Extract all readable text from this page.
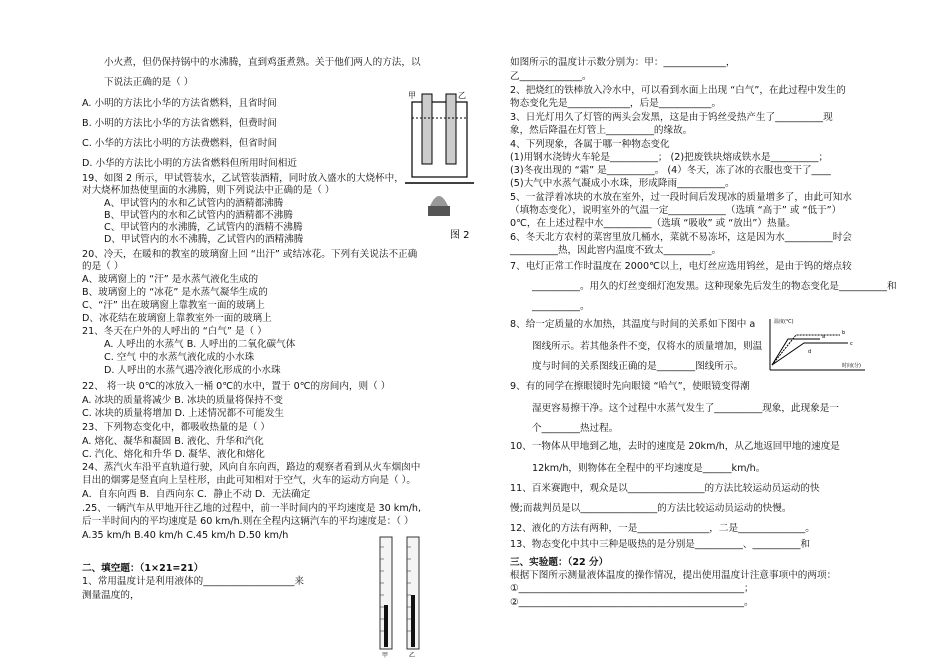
小火煮，但仍保持锅中的水沸腾，直到鸡蛋煮熟。关于他们两人的方法，以
下说法正确的是（ ）
A. 小明的方法比小华的方法省燃料，且省时间
B. 小明的方法比小华的方法省燃料，但费时间
C. 小华的方法比小明的方法费燃料，但省时间
D. 小华的方法比小明的方法省燃料但所用时间相近
19、如图 2 所示，甲试管装水，乙试管装酒精，同时放入盛水的大烧杯中，
对大烧杯加热使里面的水沸腾，则下列说法中正确的是（ ）
A、甲试管内的水和乙试管内的酒精都沸腾
B、甲试管内的水和乙试管内的酒精都不沸腾
C、甲试管内的水沸腾，乙试管内的酒精不沸腾
D、甲试管内的水不沸腾，乙试管内的酒精沸腾
20、冷天，在暖和的教室的玻璃窗上回 “出汗” 或结冰花。下列有关说法不正确
的是（ ）
A、玻璃窗上的 “汗” 是水蒸气液化生成的
B、玻璃窗上的 “冰花” 是水蒸气凝华生成的
C、“汗” 出在玻璃窗上靠教室一面的玻璃上
D、冰花结在玻璃窗上靠教室外一面的玻璃上
21、冬天在户外的人呼出的 “白气” 是（ ）
A. 人呼出的水蒸气 B. 人呼出的二氧化碳气体
C. 空气 中的水蒸气液化成的小水珠
D. 人呼出的水蒸气遇冷液化形成的小水珠
22、 将一块 0℃的冰放入一桶 0℃的水中，置于 0℃的房间内，则（ ）
A. 冰块的质量将减少 B. 冰块的质量将保持不变
C. 冰块的质量将增加 D. 上述情况都不可能发生
23、下列物态变化中，都吸收热量的是（ ）
A. 熔化、凝华和凝固 B. 液化、升华和汽化
C. 汽化、熔化和升华 D. 凝华、液化和熔化
24、蒸汽火车沿平直轨道行驶，风向自东向西，路边的观察者看到从火车烟囱中
目出的烟雾是竖直向上呈柱形，由此可知相对于空气，火车的运动方向是（ ）。
A．自东向西 B．自西向东 C．静止不动 D．无法确定
.25、一辆汽车从甲地开往乙地的过程中，前一半时间内的平均速度是 30 km/h,
后一半时间内的平均速度是 60 km/h.则在全程内这辆汽车的平均速度是：（ ）
A.35 km/h B.40 km/h C.45 km/h D.50 km/h
二、填空题：（1×21=21）
1、常用温度计是利用液体的___________________来
测量温度的，
如图所示的温度计示数分别为：甲：_____________，
乙_____________。
2、把烧红的铁棒放入冷水中，可以看到水面上出现 “白气”，在此过程中发生的
物态变化先是_____________，后是___________。
3、日光灯用久了灯管的两头会发黑，这是由于钨丝受热产生了__________现
象，然后降温在灯管上__________的缘故。
4、下列现象，各属于哪一种物态变化
(1)用钢水浇铸火车轮是__________； (2)把废铁块熔成铁水是__________；
(3)冬夜出现的 “霜” 是__________。 (4）冬天，冻了冰的衣服也变干了____
(5)大气中水蒸气凝成小水珠，形成降雨__________。
5、一盆浮着冰块的水放在室外，过一段时间后发现冰的质量增多了，由此可知水
（填物态变化），说明室外的气温一定____________（选填 “高于” 或 “低于”）
0℃，在上述过程中水__________（选填 “吸收” 或 “放出”）热量。
6、冬天北方农村的菜窖里放几桶水，菜就不易冻坏，这是因为水__________时会
__________热，因此窖内温度不致太__________。
7、电灯正常工作时温度在 2000℃以上，电灯丝应选用钨丝，是由于钨的熔点较
__________。用久的灯丝变细灯泡发黑。这种现象先后发生的物态变化是__________和
__________。
8、给一定质量的水加热，其温度与时间的关系如下图中 a
图线所示。若其他条件不变，仅将水的质量增加，则温
度与时间的关系图线正确的是________图线所示。
9、有的同学在擦眼镜时先向眼镜 “哈气”，使眼镜变得潮
湿更容易擦干净。这个过程中水蒸气发生了__________现象，此现象是一
个________热过程。
10、一物体从甲地到乙地，去时的速度是 20km/h，从乙地返回甲地的速度是
12km/h，则物体在全程中的平均速度是______km/h。
11、百米赛跑中，观众是以________________的方法比较运动员运动的快
慢;而裁判员是以________________的方法比较运动员运动的快慢。
12、液化的方法有两种，一是_______________，二是______________。
13、物态变化中其中三种是吸热的是分别是__________、__________和
三、实验题：（22 分）
根据下图所示测量液体温度的操作情况，提出使用温度计注意事项中的两项：
①_______________________________________________；
②_______________________________________________。
甲	乙
图 2
甲	乙
温度(℃)
时间(分)
a
b
c
d
